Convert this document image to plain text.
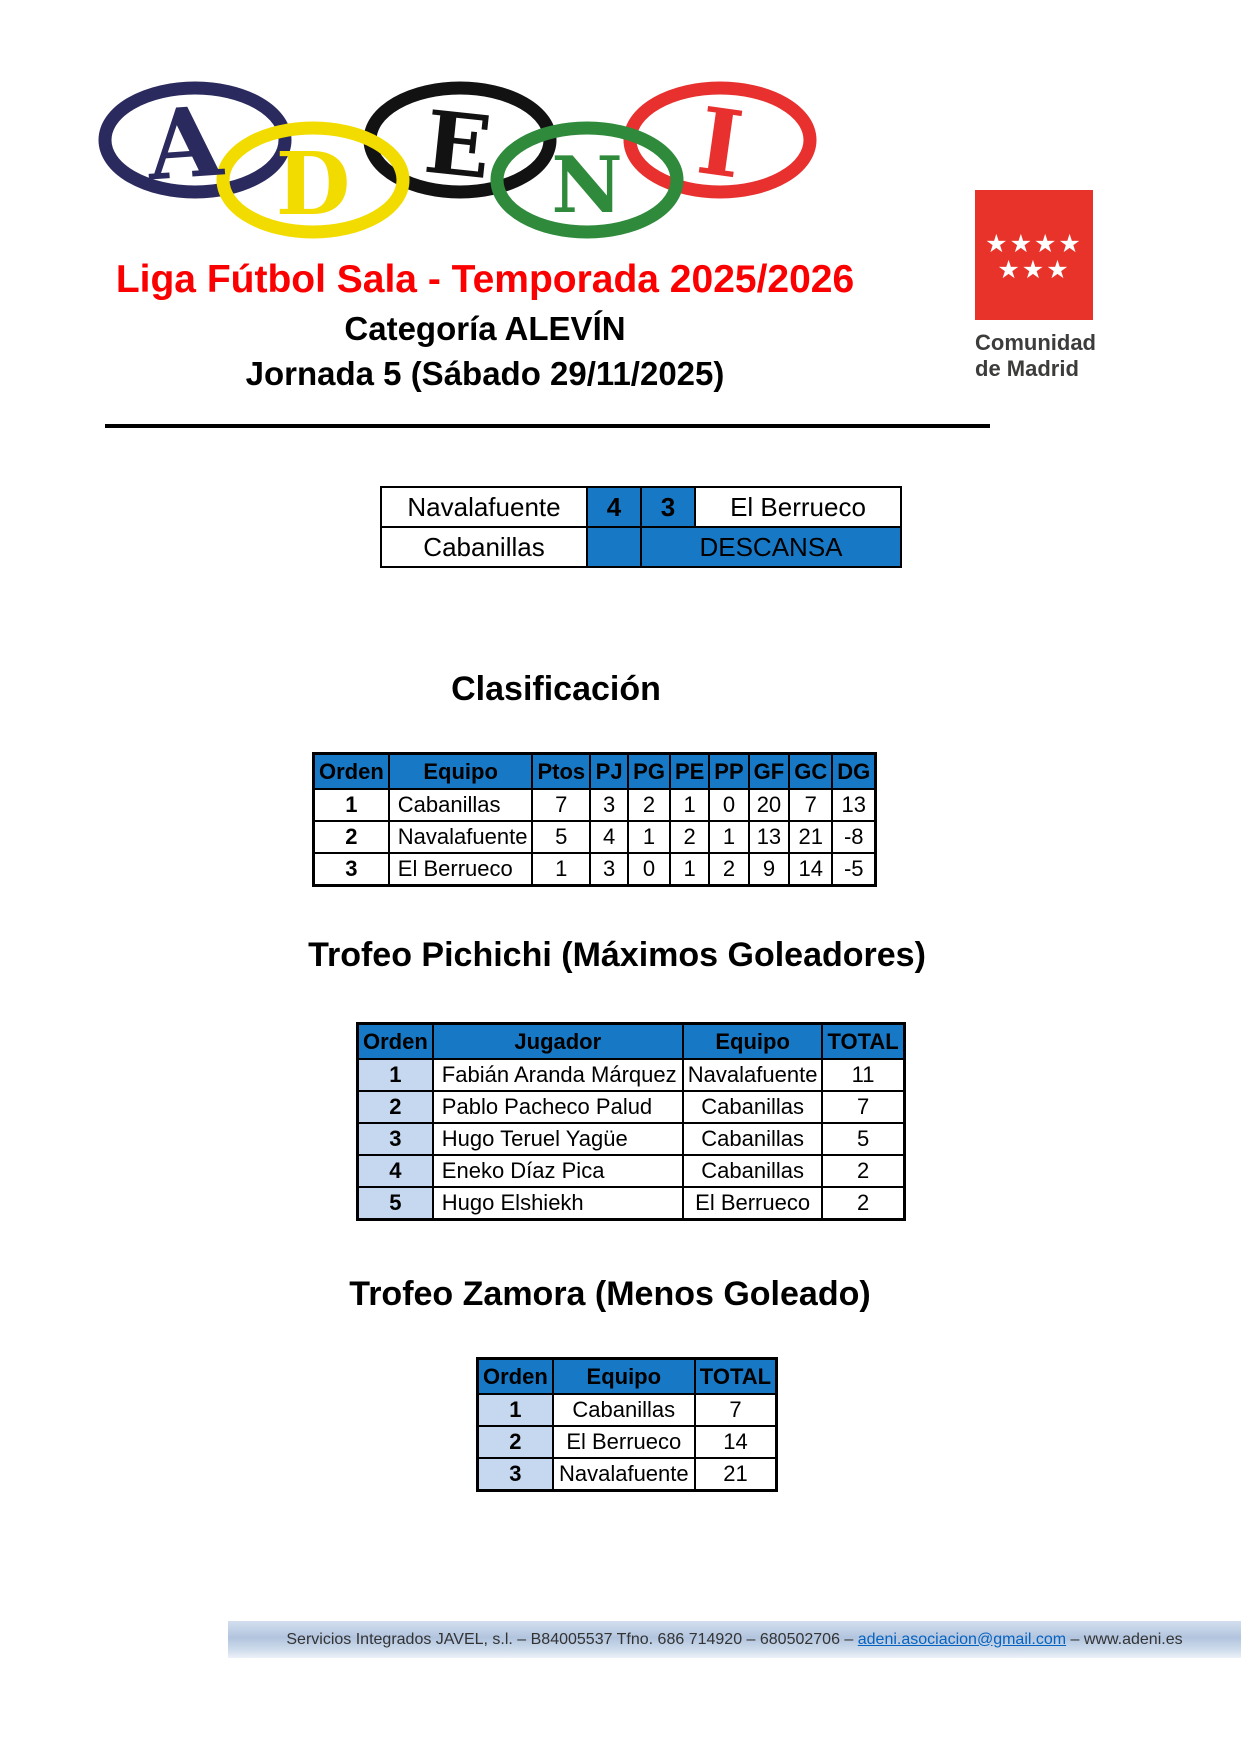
A D E N I
★★★★
★★★
Comunidad
de Madrid
Liga Fútbol Sala - Temporada 2025/2026
Categoría ALEVÍN
Jornada 5 (Sábado 29/11/2025)
Navalafuente	4	3	El Berrueco
Cabanillas		DESCANSA	
Clasificación
Orden	Equipo	Ptos	PJ	PG	PE	PP	GF	GC	DG
1	Cabanillas	7	3	2	1	0	20	7	13
2	Navalafuente	5	4	1	2	1	13	21	-8
3	El Berrueco	1	3	0	1	2	9	14	-5
Trofeo Pichichi (Máximos Goleadores)
Orden	Jugador	Equipo	TOTAL
1	Fabián Aranda Márquez	Navalafuente	11
2	Pablo Pacheco Palud	Cabanillas	7
3	Hugo Teruel Yagüe	Cabanillas	5
4	Eneko Díaz Pica	Cabanillas	2
5	Hugo Elshiekh	El Berrueco	2
Trofeo Zamora (Menos Goleado)
Orden	Equipo	TOTAL
1	Cabanillas	7
2	El Berrueco	14
3	Navalafuente	21
Servicios Integrados JAVEL, s.l. – B84005537 Tfno. 686 714920 – 680502706 – adeni.asociacion@gmail.com – www.adeni.es
